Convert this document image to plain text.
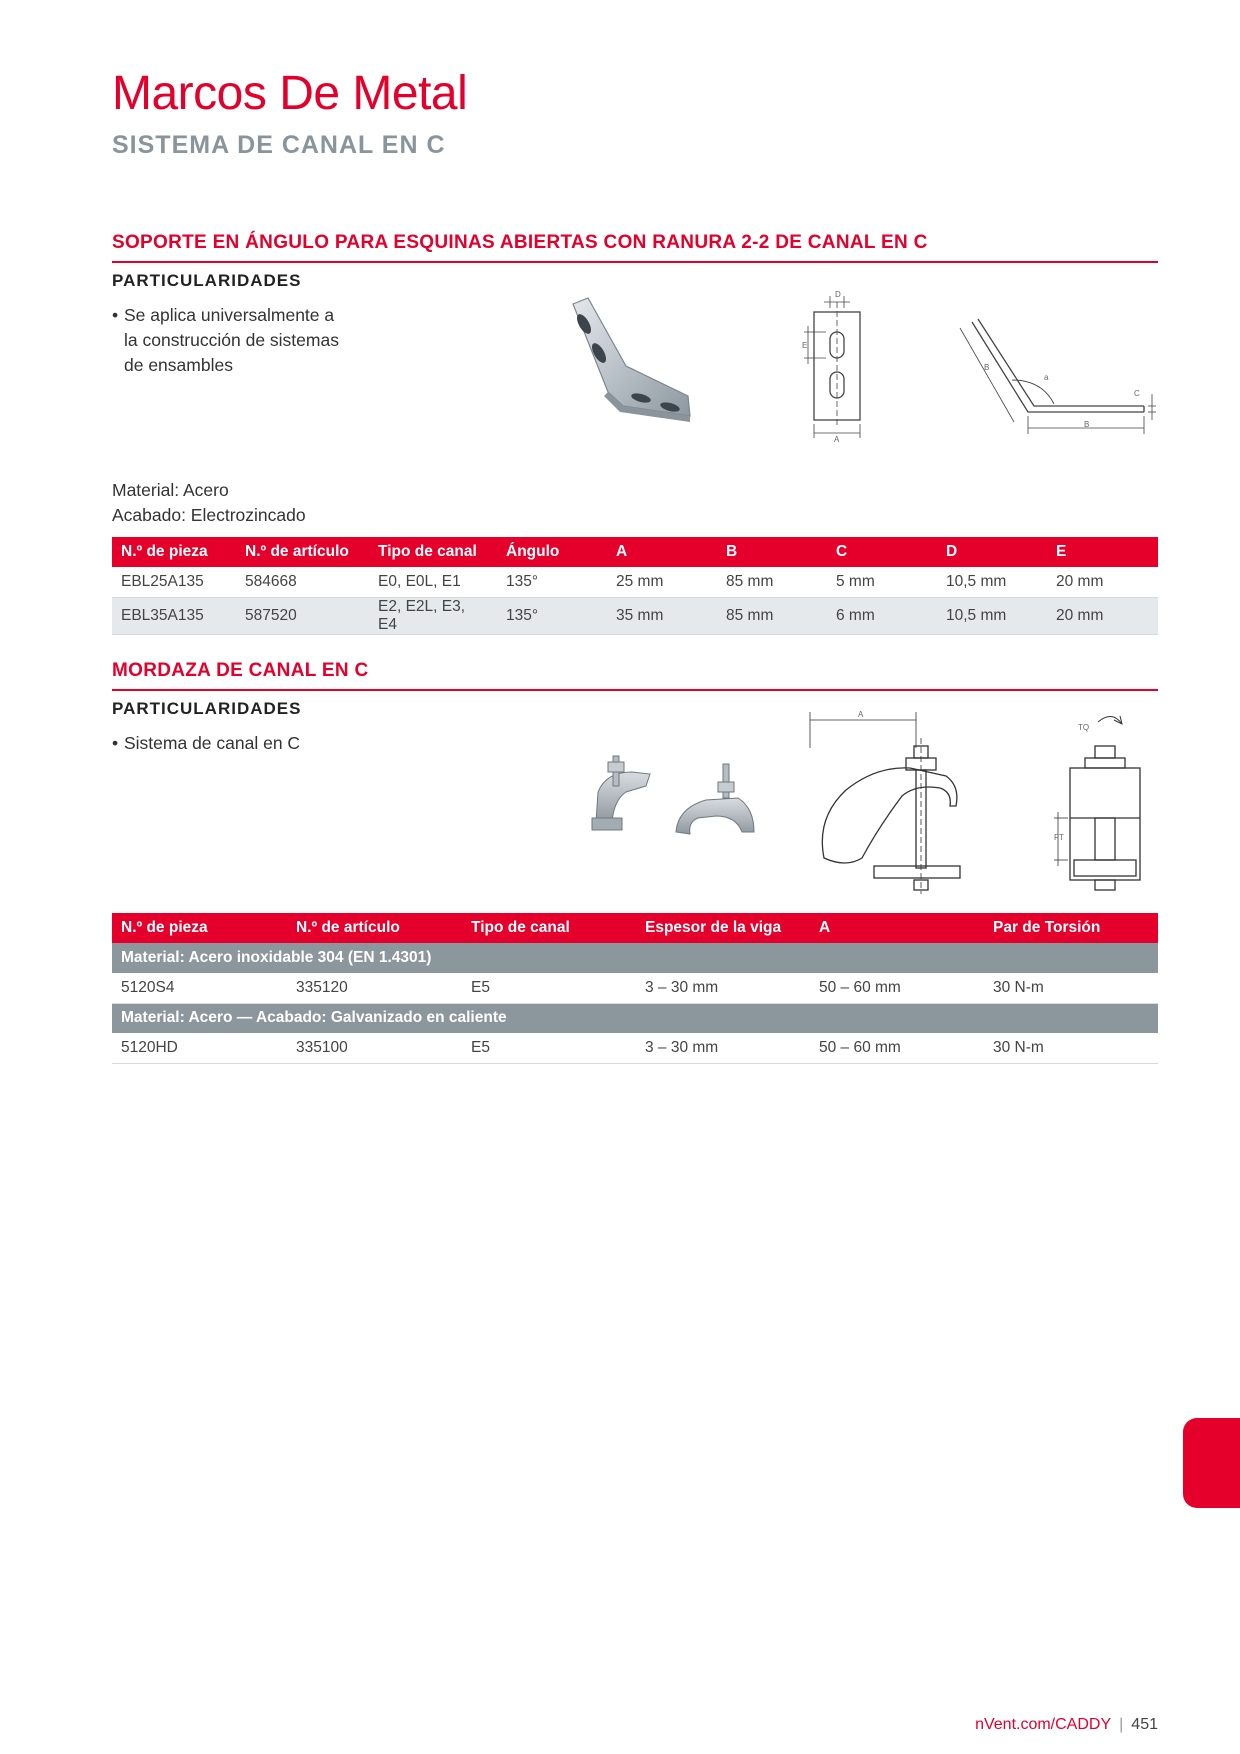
Marcos De Metal
SISTEMA DE CANAL EN C
SOPORTE EN ÁNGULO PARA ESQUINAS ABIERTAS CON RANURA 2-2 DE CANAL EN C
PARTICULARIDADES
• Se aplica universalmente a
la construcción de sistemas
de ensambles
D
E
A
B
a
C
B
Material: Acero
Acabado: Electrozincado
N.º de pieza	N.º de artículo	Tipo de canal	Ángulo	A	B	C	D	E
EBL25A135	584668	E0, E0L, E1	135°	25 mm	85 mm	5 mm	10,5 mm	20 mm
EBL35A135	587520	E2, E2L, E3, E4	135°	35 mm	85 mm	6 mm	10,5 mm	20 mm
MORDAZA DE CANAL EN C
PARTICULARIDADES
• Sistema de canal en C
A
TQ
FT
N.º de pieza	N.º de artículo	Tipo de canal	Espesor de la viga	A	Par de Torsión
Material: Acero inoxidable 304 (EN 1.4301)					
5120S4	335120	E5	3 – 30 mm	50 – 60 mm	30 N-m
Material: Acero — Acabado: Galvanizado en caliente					
5120HD	335100	E5	3 – 30 mm	50 – 60 mm	30 N-m
nVent.com/CADDY | 451
